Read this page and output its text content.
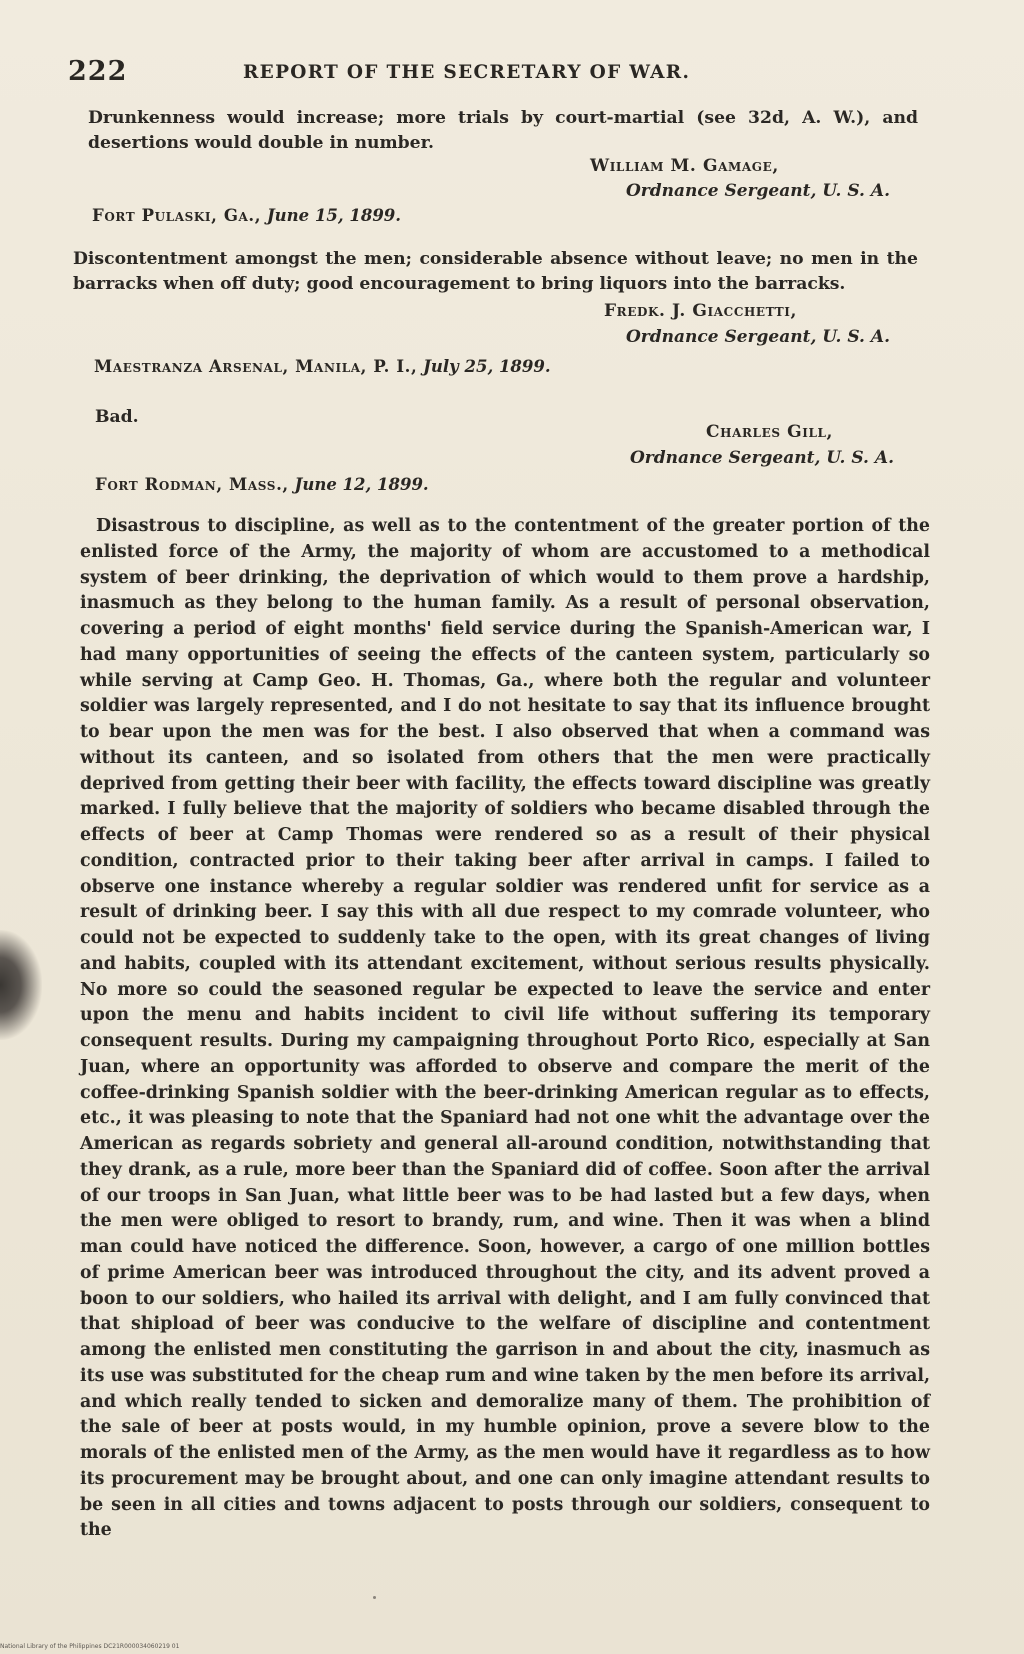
222	REPORT OF THE SECRETARY OF WAR.

Drunkenness would increase; more trials by court-martial (see 32d, A. W.), and desertions would double in number.

William M. Gamage,
Ordnance Sergeant, U. S. A.
Fort Pulaski, Ga., June 15, 1899.

Discontentment amongst the men; considerable absence without leave; no men in the barracks when off duty; good encouragement to bring liquors into the barracks.

Fredk. J. Giacchetti,
Ordnance Sergeant, U. S. A.
Maestranza Arsenal, Manila, P. I., July 25, 1899.

Bad.

Charles Gill,
Ordnance Sergeant, U. S. A.
Fort Rodman, Mass., June 12, 1899.

Disastrous to discipline, as well as to the contentment of the greater portion of the enlisted force of the Army, the majority of whom are accustomed to a methodical system of beer drinking, the deprivation of which would to them prove a hardship, inasmuch as they belong to the human family. As a result of personal observation, covering a period of eight months' field service during the Spanish-American war, I had many opportunities of seeing the effects of the canteen system, particularly so while serving at Camp Geo. H. Thomas, Ga., where both the regular and volunteer soldier was largely represented, and I do not hesitate to say that its influence brought to bear upon the men was for the best. I also observed that when a command was without its canteen, and so isolated from others that the men were practically deprived from getting their beer with facility, the effects toward discipline was greatly marked. I fully believe that the majority of soldiers who became disabled through the effects of beer at Camp Thomas were rendered so as a result of their physical condition, contracted prior to their taking beer after arrival in camps. I failed to observe one instance whereby a regular soldier was rendered unfit for service as a result of drinking beer. I say this with all due respect to my comrade volunteer, who could not be expected to suddenly take to the open, with its great changes of living and habits, coupled with its attendant excitement, without serious results physically. No more so could the seasoned regular be expected to leave the service and enter upon the menu and habits incident to civil life without suffering its temporary consequent results. During my campaigning throughout Porto Rico, especially at San Juan, where an opportunity was afforded to observe and compare the merit of the coffee-drinking Spanish soldier with the beer-drinking American regular as to effects, etc., it was pleasing to note that the Spaniard had not one whit the advantage over the American as regards sobriety and general all-around condition, notwithstanding that they drank, as a rule, more beer than the Spaniard did of coffee. Soon after the arrival of our troops in San Juan, what little beer was to be had lasted but a few days, when the men were obliged to resort to brandy, rum, and wine. Then it was when a blind man could have noticed the difference. Soon, however, a cargo of one million bottles of prime American beer was introduced throughout the city, and its advent proved a boon to our soldiers, who hailed its arrival with delight, and I am fully convinced that that shipload of beer was conducive to the welfare of discipline and contentment among the enlisted men constituting the garrison in and about the city, inasmuch as its use was substituted for the cheap rum and wine taken by the men before its arrival, and which really tended to sicken and demoralize many of them. The prohibition of the sale of beer at posts would, in my humble opinion, prove a severe blow to the morals of the enlisted men of the Army, as the men would have it regardless as to how its procurement may be brought about, and one can only imagine attendant results to be seen in all cities and towns adjacent to posts through our soldiers, consequent to the

National Library of the Philippines DC21R000034060219 01
